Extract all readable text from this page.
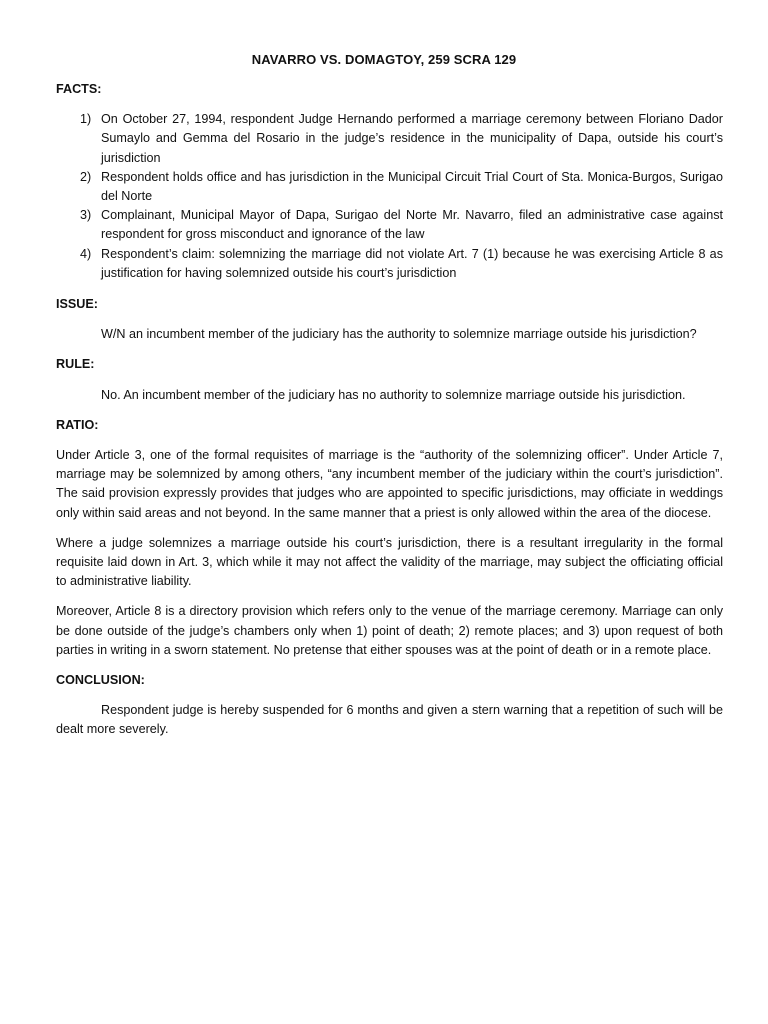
NAVARRO VS. DOMAGTOY, 259 SCRA 129

FACTS:

1) On October 27, 1994, respondent Judge Hernando performed a marriage ceremony between Floriano Dador Sumaylo and Gemma del Rosario in the judge’s residence in the municipality of Dapa, outside his court’s jurisdiction
2) Respondent holds office and has jurisdiction in the Municipal Circuit Trial Court of Sta. Monica-Burgos, Surigao del Norte
3) Complainant, Municipal Mayor of Dapa, Surigao del Norte Mr. Navarro, filed an administrative case against respondent for gross misconduct and ignorance of the law
4) Respondent’s claim: solemnizing the marriage did not violate Art. 7 (1) because he was exercising Article 8 as justification for having solemnized outside his court’s jurisdiction

ISSUE:

W/N an incumbent member of the judiciary has the authority to solemnize marriage outside his jurisdiction?

RULE:

No. An incumbent member of the judiciary has no authority to solemnize marriage outside his jurisdiction.

RATIO:

Under Article 3, one of the formal requisites of marriage is the “authority of the solemnizing officer”. Under Article 7, marriage may be solemnized by among others, “any incumbent member of the judiciary within the court’s jurisdiction”. The said provision expressly provides that judges who are appointed to specific jurisdictions, may officiate in weddings only within said areas and not beyond. In the same manner that a priest is only allowed within the area of the diocese.

Where a judge solemnizes a marriage outside his court’s jurisdiction, there is a resultant irregularity in the formal requisite laid down in Art. 3, which while it may not affect the validity of the marriage, may subject the officiating official to administrative liability.

Moreover, Article 8 is a directory provision which refers only to the venue of the marriage ceremony. Marriage can only be done outside of the judge’s chambers only when 1) point of death; 2) remote places; and 3) upon request of both parties in writing in a sworn statement. No pretense that either spouses was at the point of death or in a remote place.

CONCLUSION:

Respondent judge is hereby suspended for 6 months and given a stern warning that a repetition of such will be dealt more severely.
